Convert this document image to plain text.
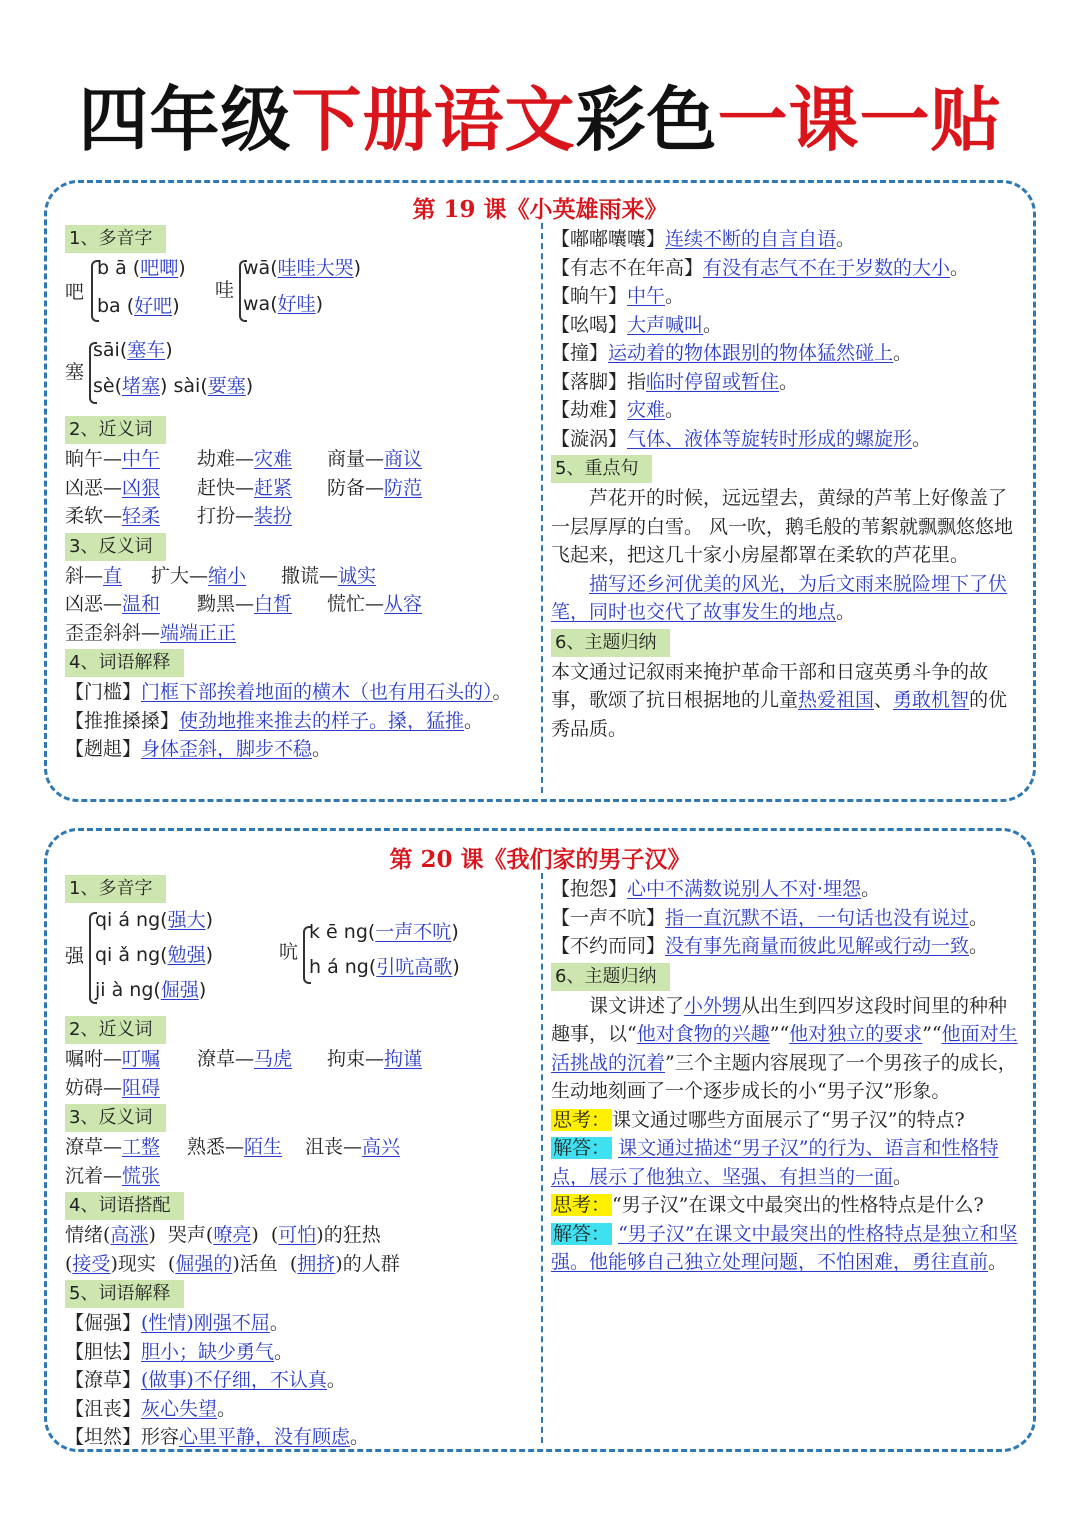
四年级下册语文彩色一课一贴
第 19 课《小英雄雨来》
1、多音字
吧
b ā (吧唧)
ba (好吧)
哇
wā(哇哇大哭)
wa(好哇)
塞
sāi(塞车)
sè(堵塞) sài(要塞)
2、近义词
晌午—中午 劫难—灾难 商量—商议
凶恶—凶狠 赶快—赶紧 防备—防范
柔软—轻柔 打扮—装扮
3、反义词
斜—直 扩大—缩小 撒谎—诚实
凶恶—温和 黝黑—白皙 慌忙—从容
歪歪斜斜—端端正正
4、词语解释
【门槛】门框下部挨着地面的横木（也有用石头的）。
【推推搡搡】使劲地推来推去的样子。搡，猛推。
【趔趄】身体歪斜，脚步不稳。
【嘟嘟囔囔】连续不断的自言自语。
【有志不在年高】有没有志气不在于岁数的大小。
【晌午】中午。
【吆喝】大声喊叫。
【撞】运动着的物体跟别的物体猛然碰上。
【落脚】指临时停留或暂住。
【劫难】灾难。
【漩涡】气体、液体等旋转时形成的螺旋形。
5、重点句
芦花开的时候，远远望去，黄绿的芦苇上好像盖了一层厚厚的白雪。 风一吹，鹅毛般的苇絮就飘飘悠悠地飞起来，把这几十家小房屋都罩在柔软的芦花里。
描写还乡河优美的风光，为后文雨来脱险埋下了伏笔，同时也交代了故事发生的地点。
6、主题归纳
本文通过记叙雨来掩护革命干部和日寇英勇斗争的故事，歌颂了抗日根据地的儿童热爱祖国、勇敢机智的优秀品质。
第 20 课《我们家的男子汉》
1、多音字
强
qi á ng(强大)
qi ǎ ng(勉强)
ji à ng(倔强)
吭
k ē ng(一声不吭)
h á ng(引吭高歌)
2、近义词
嘱咐—叮嘱 潦草—马虎 拘束—拘谨
妨碍—阻碍
3、反义词
潦草—工整 熟悉—陌生 沮丧—高兴
沉着—慌张
4、词语搭配
情绪(高涨)  哭声(嘹亮)  (可怕)的狂热
(接受)现实  (倔强的)活鱼  (拥挤)的人群
5、词语解释
【倔强】(性情)刚强不屈。
【胆怯】胆小；缺少勇气。
【潦草】(做事)不仔细，不认真。
【沮丧】灰心失望。
【坦然】形容心里平静，没有顾虑。
【抱怨】心中不满数说别人不对·埋怨。
【一声不吭】指一直沉默不语，一句话也没有说过。
【不约而同】没有事先商量而彼此见解或行动一致。
6、主题归纳
课文讲述了小外甥从出生到四岁这段时间里的种种趣事，以“他对食物的兴趣”“他对独立的要求”“他面对生活挑战的沉着”三个主题内容展现了一个男孩子的成长，生动地刻画了一个逐步成长的小“男子汉”形象。
思考： 课文通过哪些方面展示了“男子汉”的特点?
解答： 课文通过描述“男子汉”的行为、语言和性格特点，展示了他独立、坚强、有担当的一面。
思考： “男子汉”在课文中最突出的性格特点是什么?
解答： “男子汉”在课文中最突出的性格特点是独立和坚强。他能够自己独立处理问题，不怕困难，勇往直前。
